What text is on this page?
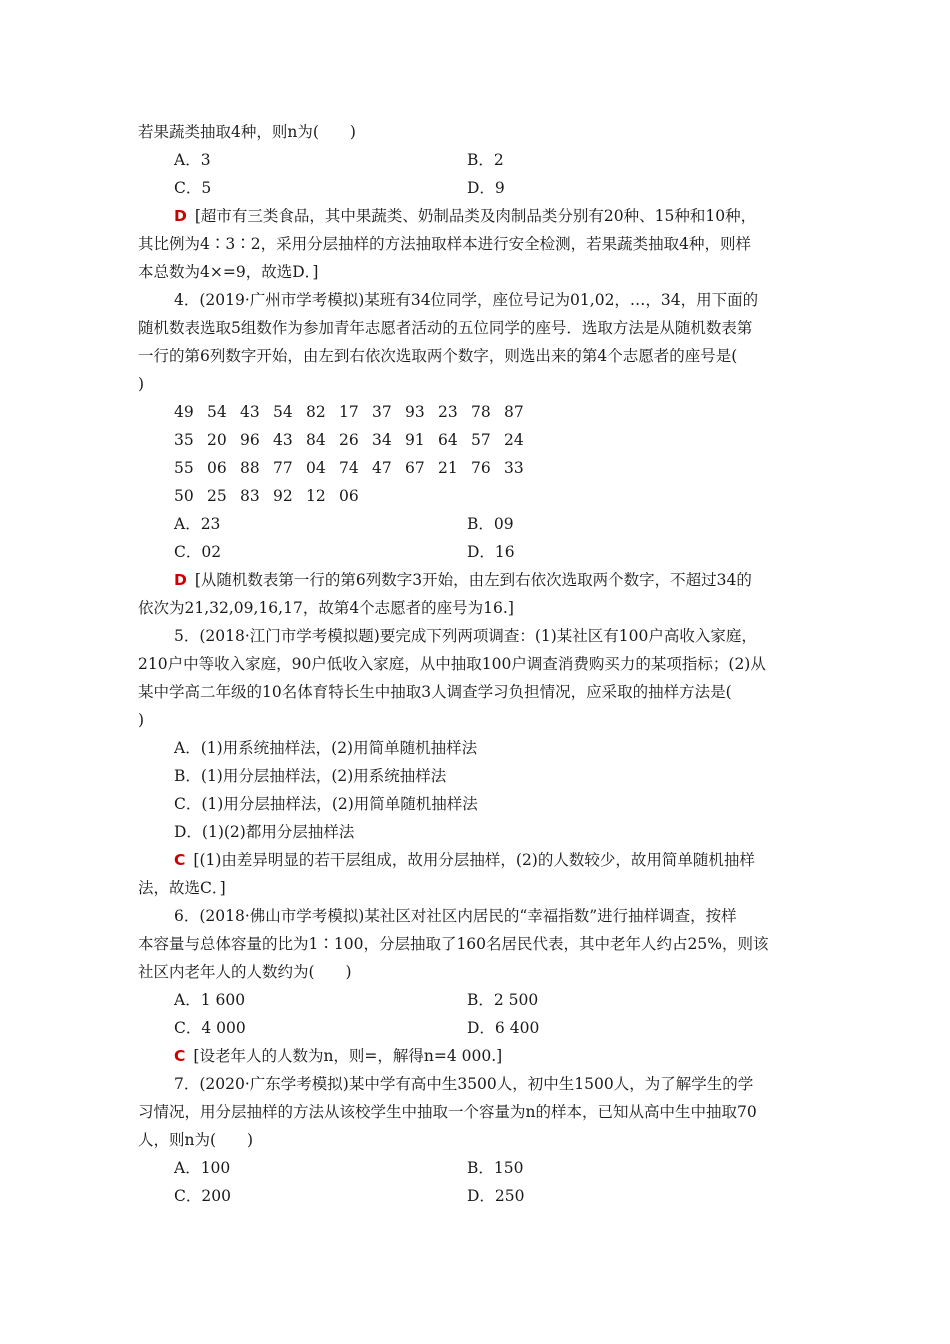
若果蔬类抽取4种，则n为(　　)
A．3	B．2
C．5	D．9
D [超市有三类食品，其中果蔬类、奶制品类及肉制品类分别有20种、15种和10种，
其比例为4∶3∶2，采用分层抽样的方法抽取样本进行安全检测，若果蔬类抽取4种，则样
本总数为4×=9，故选D．]
4．(2019·广州市学考模拟)某班有34位同学，座位号记为01,02，…，34，用下面的
随机数表选取5组数作为参加青年志愿者活动的五位同学的座号．选取方法是从随机数表第
一行的第6列数字开始，由左到右依次选取两个数字，则选出来的第4个志愿者的座号是(
)
49 54 43 54 82 17 37 93 23 78 87
35 20 96 43 84 26 34 91 64 57 24
55 06 88 77 04 74 47 67 21 76 33
50 25 83 92 12 06
A．23	B．09
C．02	D．16
D [从随机数表第一行的第6列数字3开始，由左到右依次选取两个数字，不超过34的
依次为21,32,09,16,17，故第4个志愿者的座号为16.]
5．(2018·江门市学考模拟题)要完成下列两项调查：(1)某社区有100户高收入家庭，
210户中等收入家庭，90户低收入家庭，从中抽取100户调查消费购买力的某项指标；(2)从
某中学高二年级的10名体育特长生中抽取3人调查学习负担情况，应采取的抽样方法是(
)
A．(1)用系统抽样法，(2)用简单随机抽样法
B．(1)用分层抽样法，(2)用系统抽样法
C．(1)用分层抽样法，(2)用简单随机抽样法
D．(1)(2)都用分层抽样法
C [(1)由差异明显的若干层组成，故用分层抽样，(2)的人数较少，故用简单随机抽样
法，故选C．]
6．(2018·佛山市学考模拟)某社区对社区内居民的“幸福指数”进行抽样调查，按样
本容量与总体容量的比为1∶100，分层抽取了160名居民代表，其中老年人约占25%，则该
社区内老年人的人数约为(　　)
A．1 600	B．2 500
C．4 000	D．6 400
C [设老年人的人数为n，则=，解得n=4 000.]
7．(2020·广东学考模拟)某中学有高中生3500人，初中生1500人，为了解学生的学
习情况，用分层抽样的方法从该校学生中抽取一个容量为n的样本，已知从高中生中抽取70
人，则n为(　　)
A．100	B．150
C．200	D．250
